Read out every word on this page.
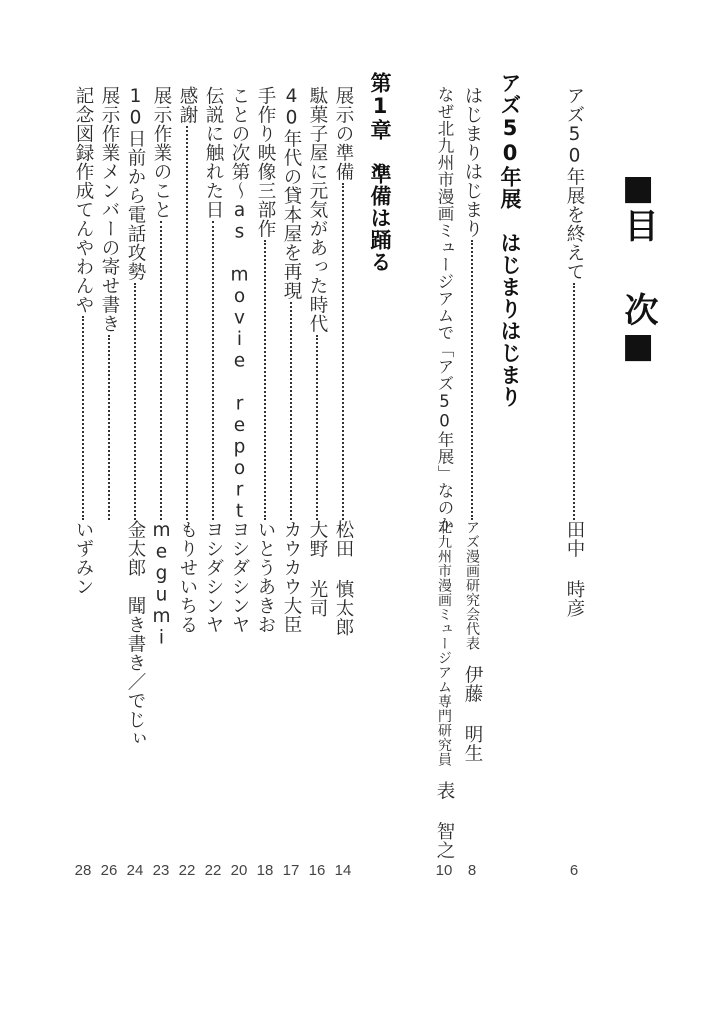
■目次■
アズ50年展を終えて
田中 時彦
6
アズ50年展　はじまりはじまり
はじまりはじまり
アズ漫画研究会代表
伊藤 明生
8
なぜ北九州市漫画ミュージアムで「アズ50年展」なのか
北九州市漫画ミュージアム専門研究員
表 智之
10
第1章　準備は踊る
展示の準備
松田 慎太郎
14
駄菓子屋に元気があった時代
大野 光司
16
40年代の貸本屋を再現
カウカウ大臣
17
手作り映像三部作
いとうあきお
18
ことの次第～as movie report
ヨシダシンヤ
20
伝説に触れた日
ヨシダシンヤ
22
感謝
もりせいちる
22
展示作業のこと
megumi
23
10日前から電話攻勢
金太郎　聞き書き／でじぃ
24
展示作業メンバーの寄せ書き
26
記念図録作成てんやわんや
いずみン
28
